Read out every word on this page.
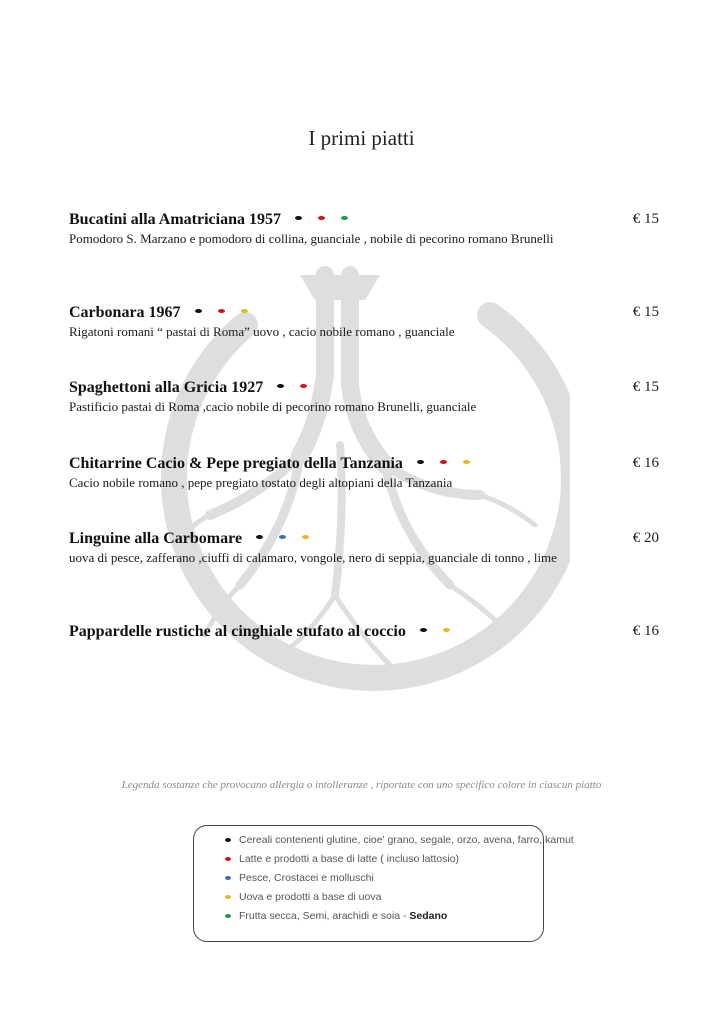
I primi piatti
Bucatini alla Amatriciana 1957
Pomodoro S. Marzano e pomodoro di collina, guanciale , nobile di pecorino romano Brunelli
€ 15
Carbonara 1967
Rigatoni romani “ pastai di Roma” uovo , cacio nobile romano , guanciale
€ 15
Spaghettoni alla Gricia 1927
Pastificio pastai di Roma ,cacio nobile di pecorino romano Brunelli, guanciale
€ 15
Chitarrine Cacio & Pepe pregiato della Tanzania
Cacio nobile romano , pepe pregiato tostato degli altopiani della Tanzania
€ 16
Linguine alla Carbomare
uova di pesce, zafferano ,ciuffi di calamaro, vongole, nero di seppia, guanciale di tonno , lime
€ 20
Pappardelle rustiche al cinghiale stufato al coccio	€ 16
Legenda sostanze che provocano allergia o intolleranze , riportate con uno specifico colore in ciascun piatto
Cereali contenenti glutine, cioe' grano, segale, orzo, avena, farro, kamut
Latte e prodotti a base di latte ( incluso lattosio)
Pesce, Crostacei e molluschi
Uova e prodotti a base di uova
Frutta secca, Semi, arachidi e soia - Sedano
